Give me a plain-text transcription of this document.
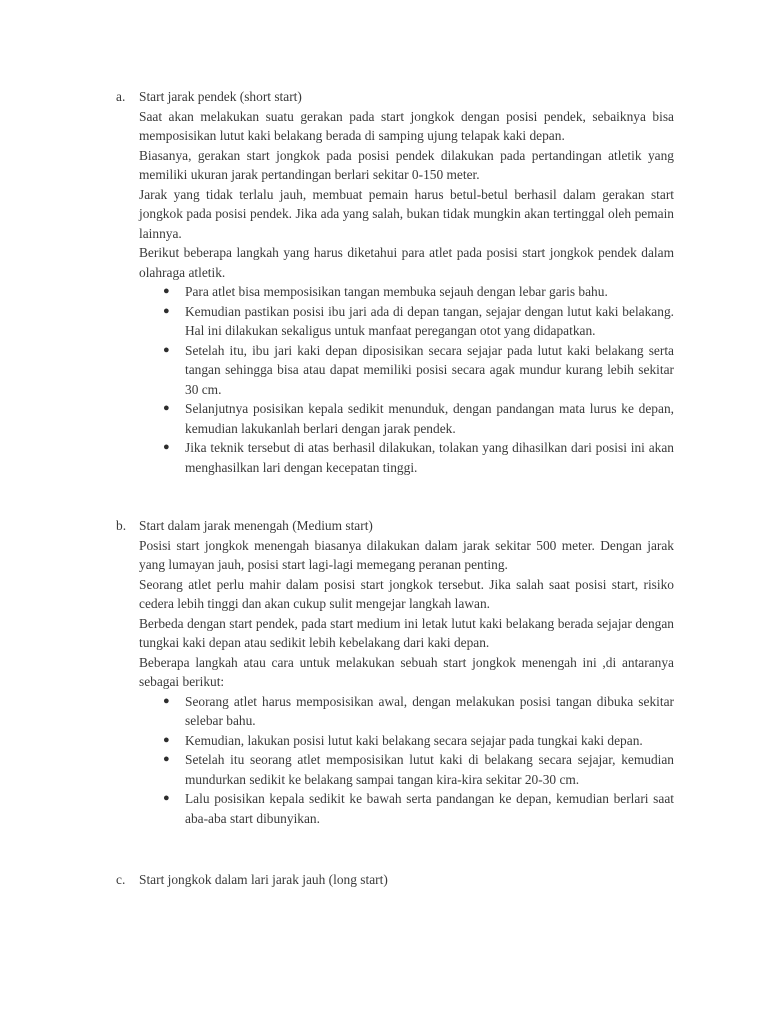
a. Start jarak pendek (short start)

Saat akan melakukan suatu gerakan pada start jongkok dengan posisi pendek, sebaiknya bisa memposisikan lutut kaki belakang berada di samping ujung telapak kaki depan.

Biasanya, gerakan start jongkok pada posisi pendek dilakukan pada pertandingan atletik yang memiliki ukuran jarak pertandingan berlari sekitar 0-150 meter.

Jarak yang tidak terlalu jauh, membuat pemain harus betul-betul berhasil dalam gerakan start jongkok pada posisi pendek. Jika ada yang salah, bukan tidak mungkin akan tertinggal oleh pemain lainnya.

Berikut beberapa langkah yang harus diketahui para atlet pada posisi start jongkok pendek dalam olahraga atletik.

● Para atlet bisa memposisikan tangan membuka sejauh dengan lebar garis bahu.
● Kemudian pastikan posisi ibu jari ada di depan tangan, sejajar dengan lutut kaki belakang. Hal ini dilakukan sekaligus untuk manfaat peregangan otot yang didapatkan.
● Setelah itu, ibu jari kaki depan diposisikan secara sejajar pada lutut kaki belakang serta tangan sehingga bisa atau dapat memiliki posisi secara agak mundur kurang lebih sekitar 30 cm.
● Selanjutnya posisikan kepala sedikit menunduk, dengan pandangan mata lurus ke depan, kemudian lakukanlah berlari dengan jarak pendek.
● Jika teknik tersebut di atas berhasil dilakukan, tolakan yang dihasilkan dari posisi ini akan menghasilkan lari dengan kecepatan tinggi.
b. Start dalam jarak menengah (Medium start)

Posisi start jongkok menengah biasanya dilakukan dalam jarak sekitar 500 meter. Dengan jarak yang lumayan jauh, posisi start lagi-lagi memegang peranan penting.

Seorang atlet perlu mahir dalam posisi start jongkok tersebut. Jika salah saat posisi start, risiko cedera lebih tinggi dan akan cukup sulit mengejar langkah lawan.

Berbeda dengan start pendek, pada start medium ini letak lutut kaki belakang berada sejajar dengan tungkai kaki depan atau sedikit lebih kebelakang dari kaki depan.

Beberapa langkah atau cara untuk melakukan sebuah start jongkok menengah ini ,di antaranya sebagai berikut:

● Seorang atlet harus memposisikan awal, dengan melakukan posisi tangan dibuka sekitar selebar bahu.
● Kemudian, lakukan posisi lutut kaki belakang secara sejajar pada tungkai kaki depan.
● Setelah itu seorang atlet memposisikan lutut kaki di belakang secara sejajar, kemudian mundurkan sedikit ke belakang sampai tangan kira-kira sekitar 20-30 cm.
● Lalu posisikan kepala sedikit ke bawah serta pandangan ke depan, kemudian berlari saat aba-aba start dibunyikan.
c. Start jongkok dalam lari jarak jauh (long start)
